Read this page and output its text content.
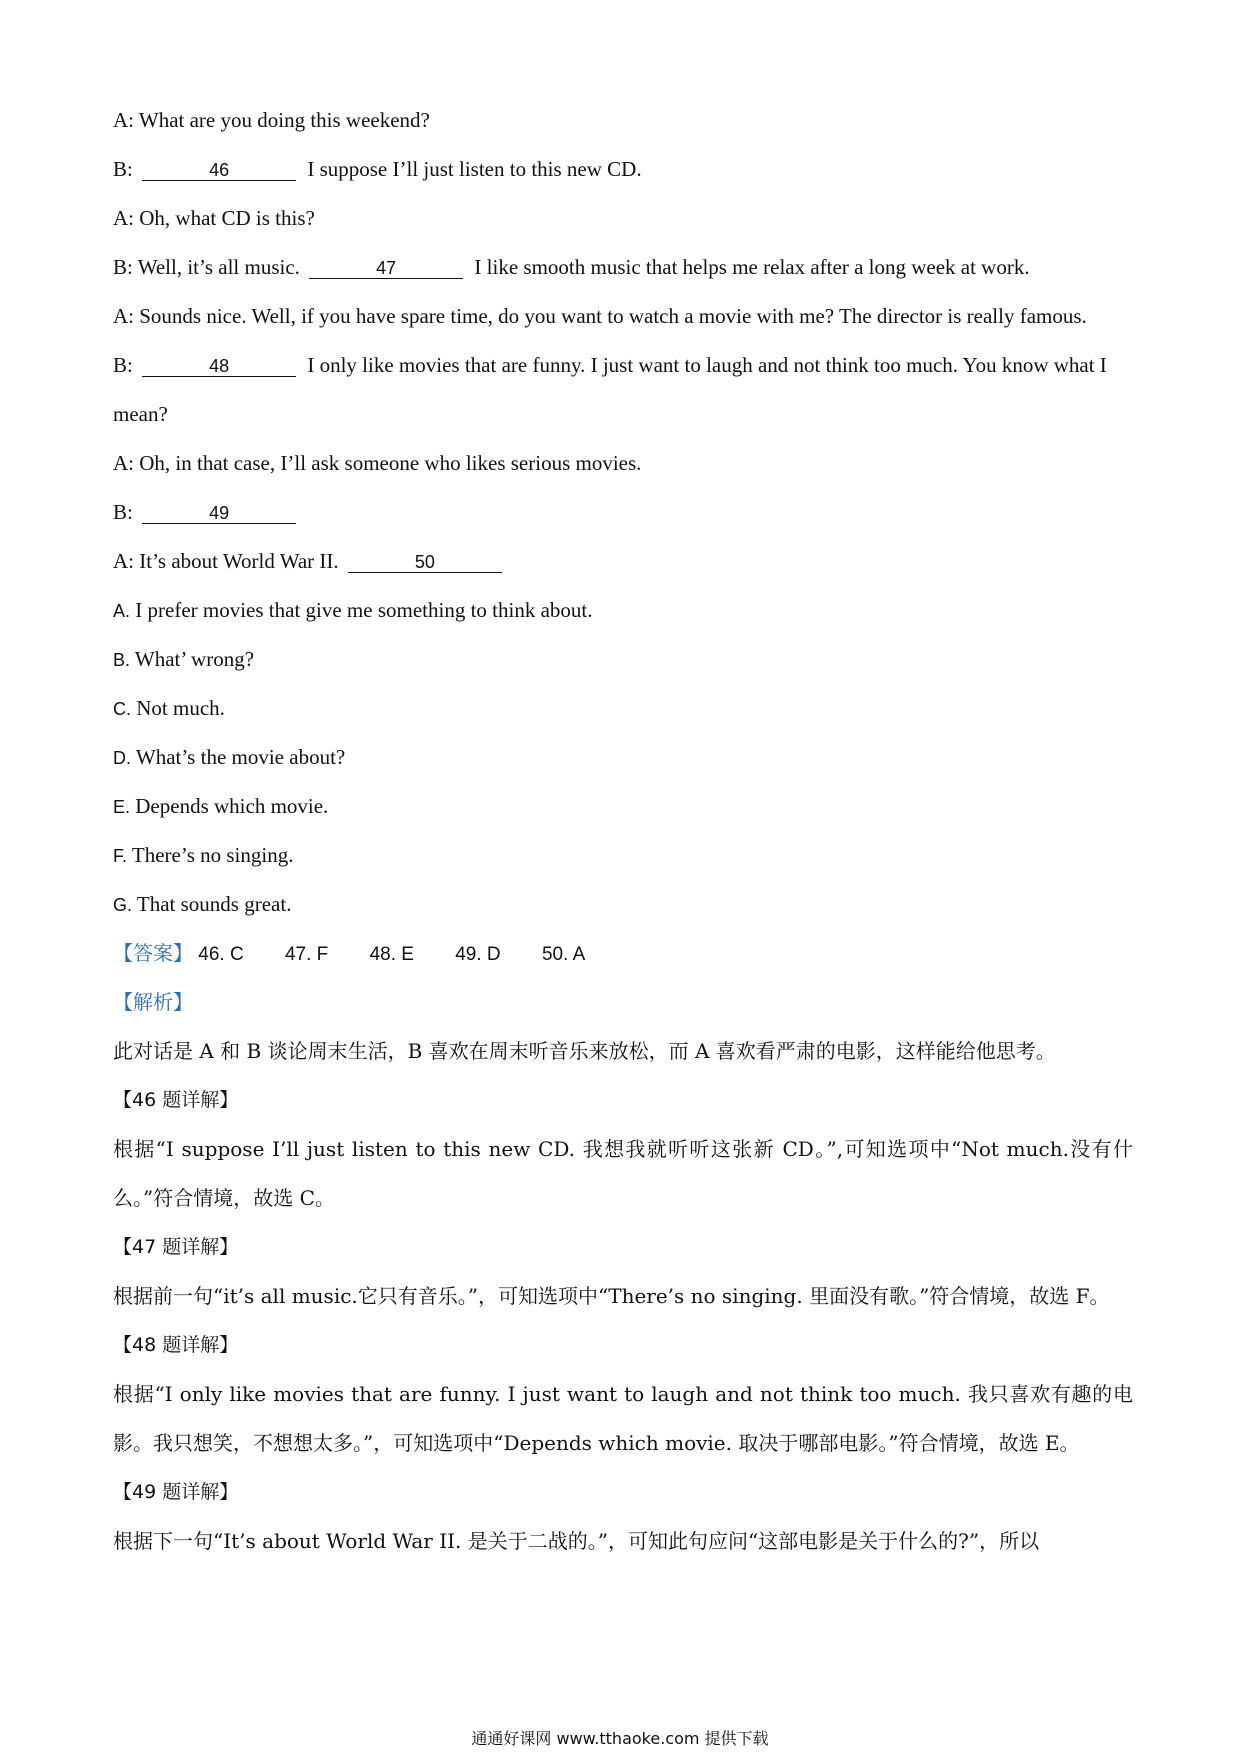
A: What are you doing this weekend?
B:	46	I suppose I’ll just listen to this new CD.
A: Oh, what CD is this?
B: Well, it’s all music.	47	I like smooth music that helps me relax after a long week at work.
A: Sounds nice. Well, if you have spare time, do you want to watch a movie with me? The director is really famous.
B:	48	I only like movies that are funny. I just want to laugh and not think too much. You know what I
mean?
A: Oh, in that case, I’ll ask someone who likes serious movies.
B:	49
A: It’s about World War II.	50
A. I prefer movies that give me something to think about.
B. What’ wrong?
C. Not much.
D. What’s the movie about?
E. Depends which movie.
F. There’s no singing.
G. That sounds great.
【答案】 46. C 47. F 48. E 49. D 50. A
【解析】
此对话是 A 和 B 谈论周末生活，B 喜欢在周末听音乐来放松，而 A 喜欢看严肃的电影，这样能给他思考。
【46 题详解】
根据“I suppose I’ll just listen to this new CD. 我想我就听听这张新 CD。”,可知选项中“Not much.没有什么。”符合情境，故选 C。
【47 题详解】
根据前一句“it’s all music.它只有音乐。”，可知选项中“There’s no singing. 里面没有歌。”符合情境，故选 F。
【48 题详解】
根据“I only like movies that are funny. I just want to laugh and not think too much. 我只喜欢有趣的电影。我只想笑，不想想太多。”，可知选项中“Depends which movie. 取决于哪部电影。”符合情境，故选 E。
【49 题详解】
根据下一句“It’s about World War II. 是关于二战的。”，可知此句应问“这部电影是关于什么的?”，所以
通通好课网 www.tthaoke.com 提供下载
